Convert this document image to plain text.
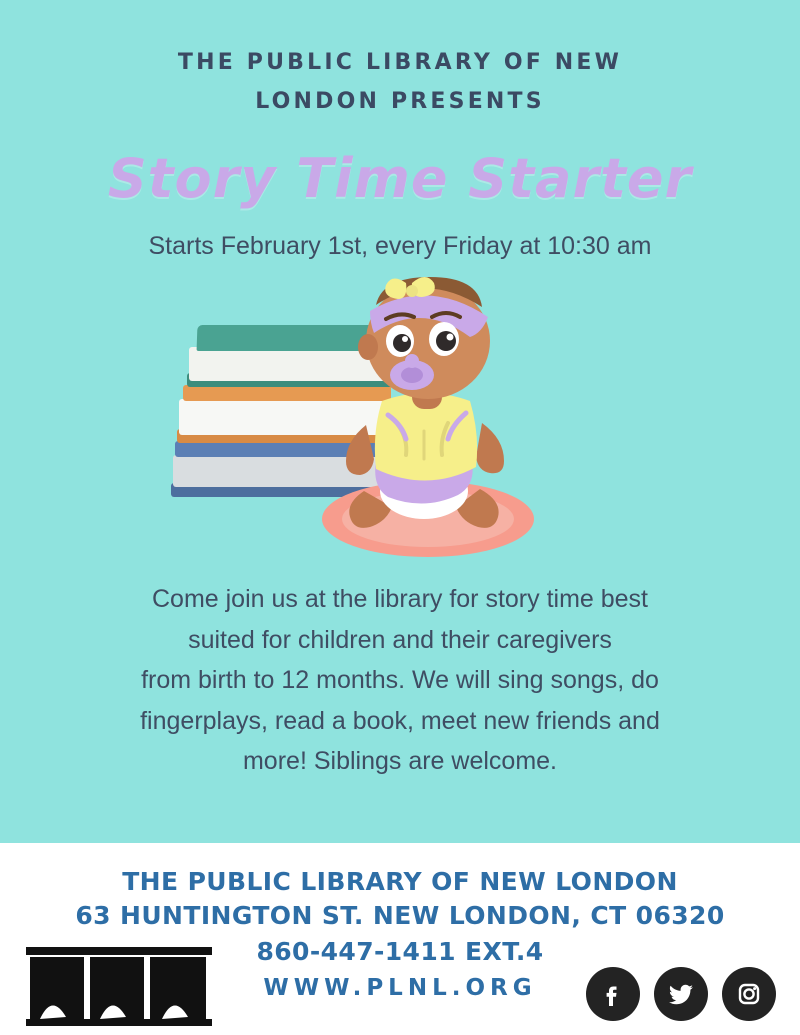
THE PUBLIC LIBRARY OF NEW
LONDON PRESENTS
Story Time Starter
Starts February 1st, every Friday at 10:30 am
Come join us at the library for story time best
suited for children and their caregivers
from birth to 12 months. We will sing songs, do
fingerplays, read a book, meet new friends and
more! Siblings are welcome.
THE PUBLIC LIBRARY OF NEW LONDON
63 HUNTINGTON ST. NEW LONDON, CT 06320
860-447-1411 EXT.4
WWW.PLNL.ORG
